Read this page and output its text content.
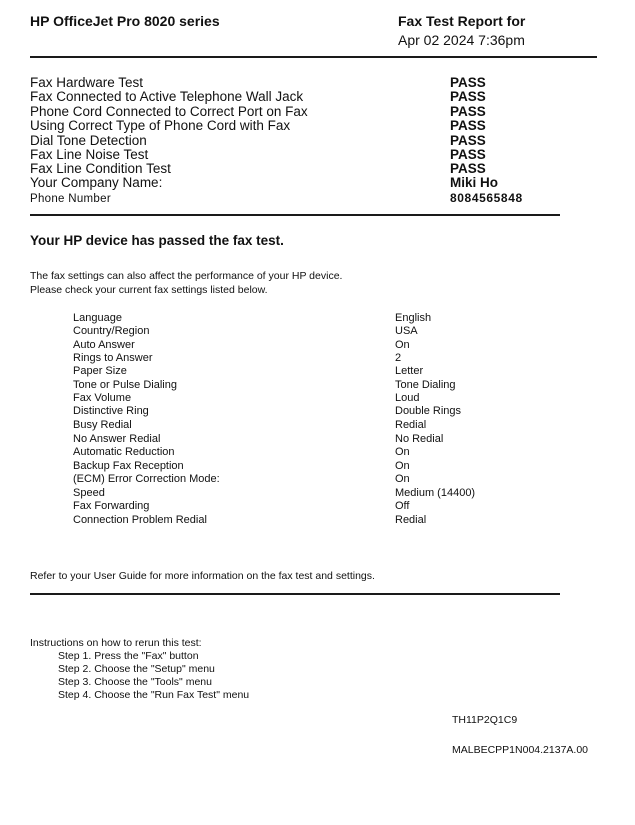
HP OfficeJet Pro 8020 series	Fax Test Report for
Apr 02 2024 7:36pm
Fax Hardware Test	PASS
Fax Connected to Active Telephone Wall Jack	PASS
Phone Cord Connected to Correct Port on Fax	PASS
Using Correct Type of Phone Cord with Fax	PASS
Dial Tone Detection	PASS
Fax Line Noise Test	PASS
Fax Line Condition Test	PASS
Your Company Name:	Miki Ho
Phone Number	8084565848
Your HP device has passed the fax test.
The fax settings can also affect the performance of your HP device.
Please check your current fax settings listed below.
Language	English
Country/Region	USA
Auto Answer	On
Rings to Answer	2
Paper Size	Letter
Tone or Pulse Dialing	Tone Dialing
Fax Volume	Loud
Distinctive Ring	Double Rings
Busy Redial	Redial
No Answer Redial	No Redial
Automatic Reduction	On
Backup Fax Reception	On
(ECM) Error Correction Mode:	On
Speed	Medium (14400)
Fax Forwarding	Off
Connection Problem Redial	Redial
Refer to your User Guide for more information on the fax test and settings.
Instructions on how to rerun this test:
Step 1. Press the "Fax" button
Step 2. Choose the "Setup" menu
Step 3. Choose the "Tools" menu
Step 4. Choose the "Run Fax Test" menu
TH11P2Q1C9
MALBECPP1N004.2137A.00
